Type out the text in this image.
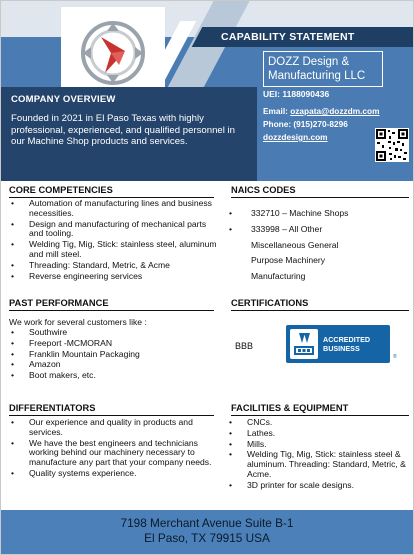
CAPABILITY STATEMENT
COMPANY OVERVIEW
Founded in 2021 in El Paso Texas with highly professional, experienced, and qualified personnel in our Machine Shop products and services.
DOZZ Design &
Manufacturing LLC
UEI: 1188090436
Email: ozapata@dozzdm.com
Phone: (915)270-8296
dozzdesign.com
CORE COMPETENCIES
• Automation of manufacturing lines and business necessities.
• Design and manufacturing of mechanical parts and tooling.
• Welding Tig, Mig, Stick: stainless steel, aluminum and mill steel.
• Threading: Standard, Metric, & Acme
• Reverse engineering services
NAICS CODES
• 332710 – Machine Shops
• 333998 – All Other
Miscellaneous General
Purpose Machinery
Manufacturing
PAST PERFORMANCE
We work for several customers like :
• Southwire
• Freeport -MCMORAN
• Franklin Mountain Packaging
• Amazon
• Boot makers, etc.
CERTIFICATIONS
BBB
ACCREDITED
BUSINESS
®
DIFFERENTIATORS
• Our experience and quality in products and services.
• We have the best engineers and technicians working behind our machinery necessary to manufacture any part that your company needs.
• Quality systems experience.
FACILITIES & EQUIPMENT
• CNCs.
• Lathes.
• Mills.
• Welding Tig, Mig, Stick: stainless steel & aluminum. Threading: Standard, Metric, & Acme.
• 3D printer for scale designs.
7198 Merchant Avenue Suite B-1
El Paso, TX 79915 USA
